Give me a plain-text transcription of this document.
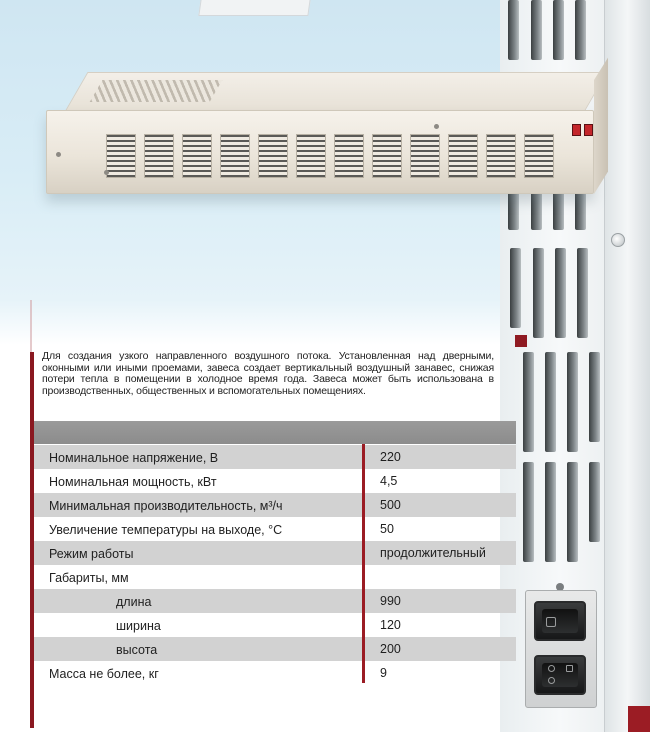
Для создания узкого направленного воздушного потока. Установленная над дверными, оконными или иными проемами, завеса создает вертикальный воздушный занавес, снижая потери тепла в помещении в холодное время года. Завеса может быть использована в производственных, общественных и вспомогательных помещениях.

Номинальное напряжение, В	220
Номинальная мощность, кВт	4,5
Минимальная производительность, м³/ч	500
Увеличение температуры на выходе, °С	50
Режим работы	продолжительный
Габариты, мм
длина	990
ширина	120
высота	200
Масса не более, кг	9
